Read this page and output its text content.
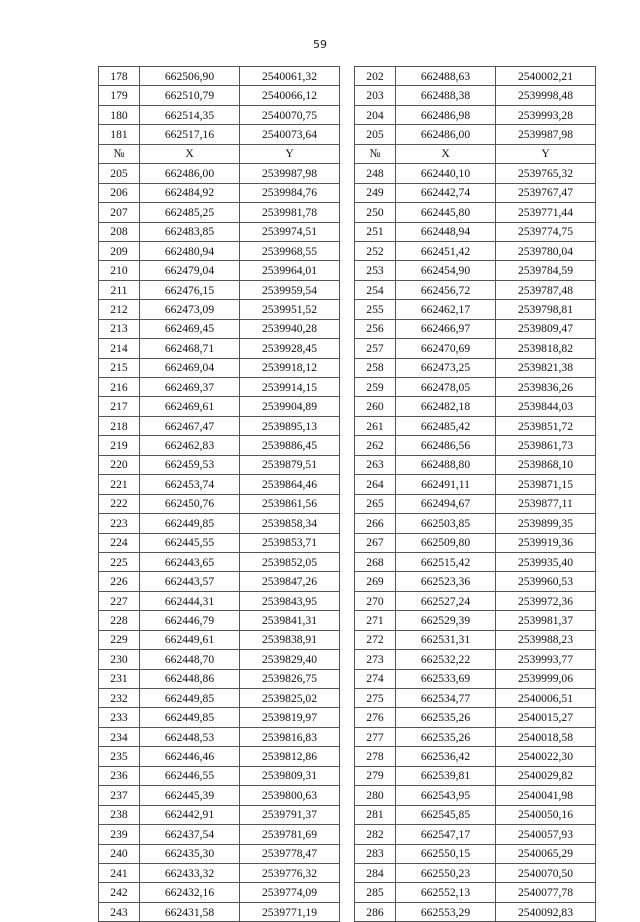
59
178	662506,90	2540061,32		202	662488,63	2540002,21
179	662510,79	2540066,12		203	662488,38	2539998,48
180	662514,35	2540070,75		204	662486,98	2539993,28
181	662517,16	2540073,64		205	662486,00	2539987,98
№	X	Y		№	X	Y
205	662486,00	2539987,98		248	662440,10	2539765,32
206	662484,92	2539984,76		249	662442,74	2539767,47
207	662485,25	2539981,78		250	662445,80	2539771,44
208	662483,85	2539974,51		251	662448,94	2539774,75
209	662480,94	2539968,55		252	662451,42	2539780,04
210	662479,04	2539964,01		253	662454,90	2539784,59
211	662476,15	2539959,54		254	662456,72	2539787,48
212	662473,09	2539951,52		255	662462,17	2539798,81
213	662469,45	2539940,28		256	662466,97	2539809,47
214	662468,71	2539928,45		257	662470,69	2539818,82
215	662469,04	2539918,12		258	662473,25	2539821,38
216	662469,37	2539914,15		259	662478,05	2539836,26
217	662469,61	2539904,89		260	662482,18	2539844,03
218	662467,47	2539895,13		261	662485,42	2539851,72
219	662462,83	2539886,45		262	662486,56	2539861,73
220	662459,53	2539879,51		263	662488,80	2539868,10
221	662453,74	2539864,46		264	662491,11	2539871,15
222	662450,76	2539861,56		265	662494,67	2539877,11
223	662449,85	2539858,34		266	662503,85	2539899,35
224	662445,55	2539853,71		267	662509,80	2539919,36
225	662443,65	2539852,05		268	662515,42	2539935,40
226	662443,57	2539847,26		269	662523,36	2539960,53
227	662444,31	2539843,95		270	662527,24	2539972,36
228	662446,79	2539841,31		271	662529,39	2539981,37
229	662449,61	2539838,91		272	662531,31	2539988,23
230	662448,70	2539829,40		273	662532,22	2539993,77
231	662448,86	2539826,75		274	662533,69	2539999,06
232	662449,85	2539825,02		275	662534,77	2540006,51
233	662449,85	2539819,97		276	662535,26	2540015,27
234	662448,53	2539816,83		277	662535,26	2540018,58
235	662446,46	2539812,86		278	662536,42	2540022,30
236	662446,55	2539809,31		279	662539,81	2540029,82
237	662445,39	2539800,63		280	662543,95	2540041,98
238	662442,91	2539791,37		281	662545,85	2540050,16
239	662437,54	2539781,69		282	662547,17	2540057,93
240	662435,30	2539778,47		283	662550,15	2540065,29
241	662433,32	2539776,32		284	662550,23	2540070,50
242	662432,16	2539774,09		285	662552,13	2540077,78
243	662431,58	2539771,19		286	662553,29	2540092,83
